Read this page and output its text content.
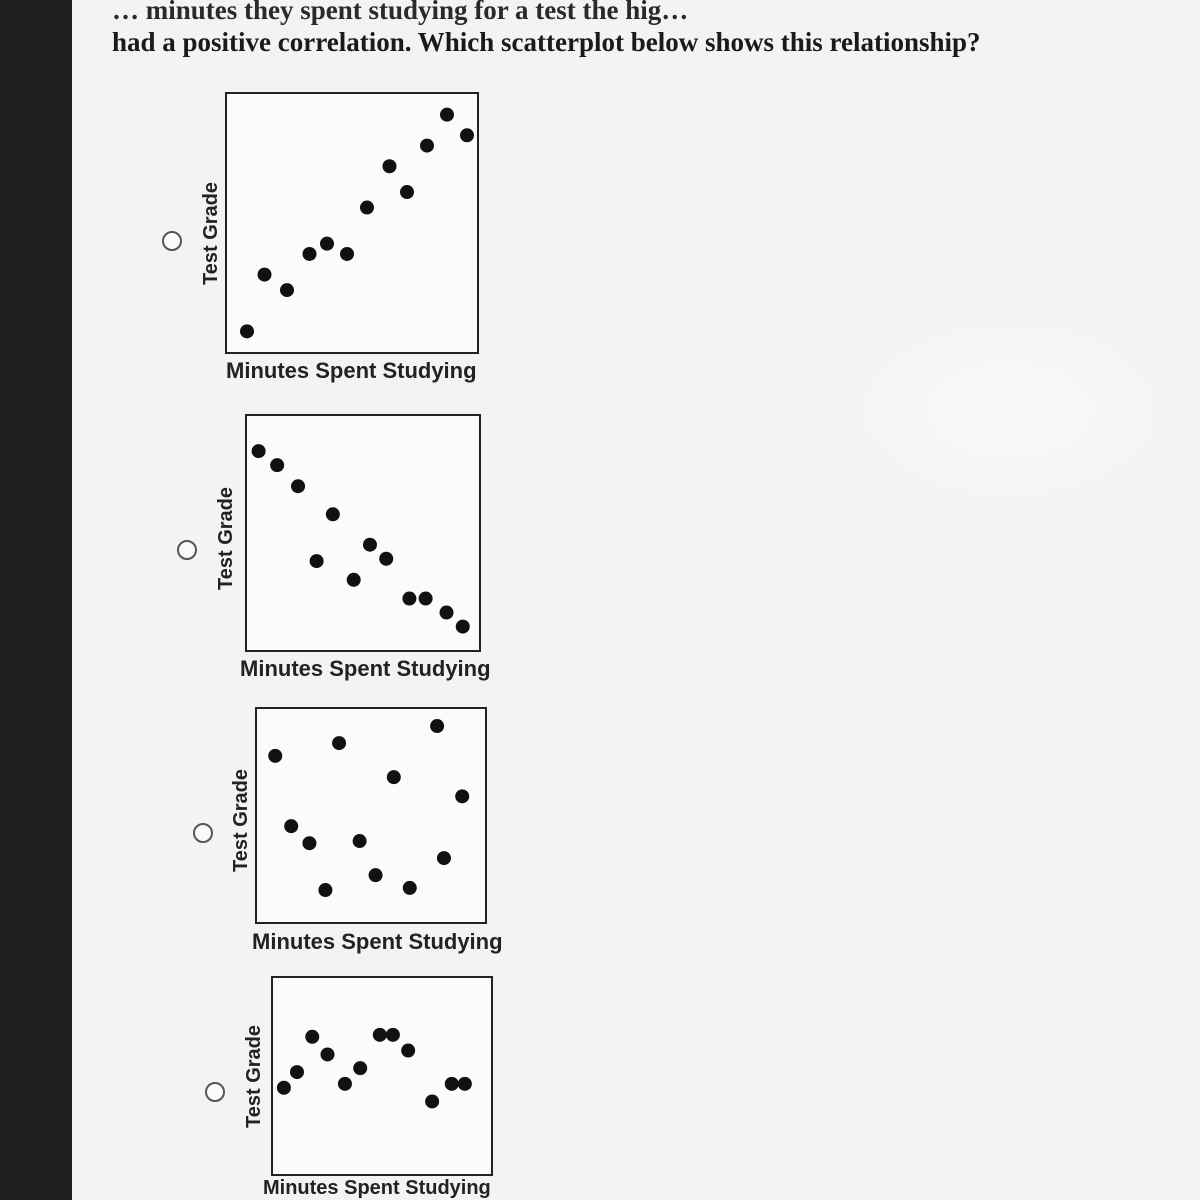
… minutes they spent studying for a test the hig…
had a positive correlation. Which scatterplot below shows this relationship?

Test Grade
Minutes Spent Studying
Test Grade
Minutes Spent Studying
Test Grade
Minutes Spent Studying
Test Grade
Minutes Spent Studying
